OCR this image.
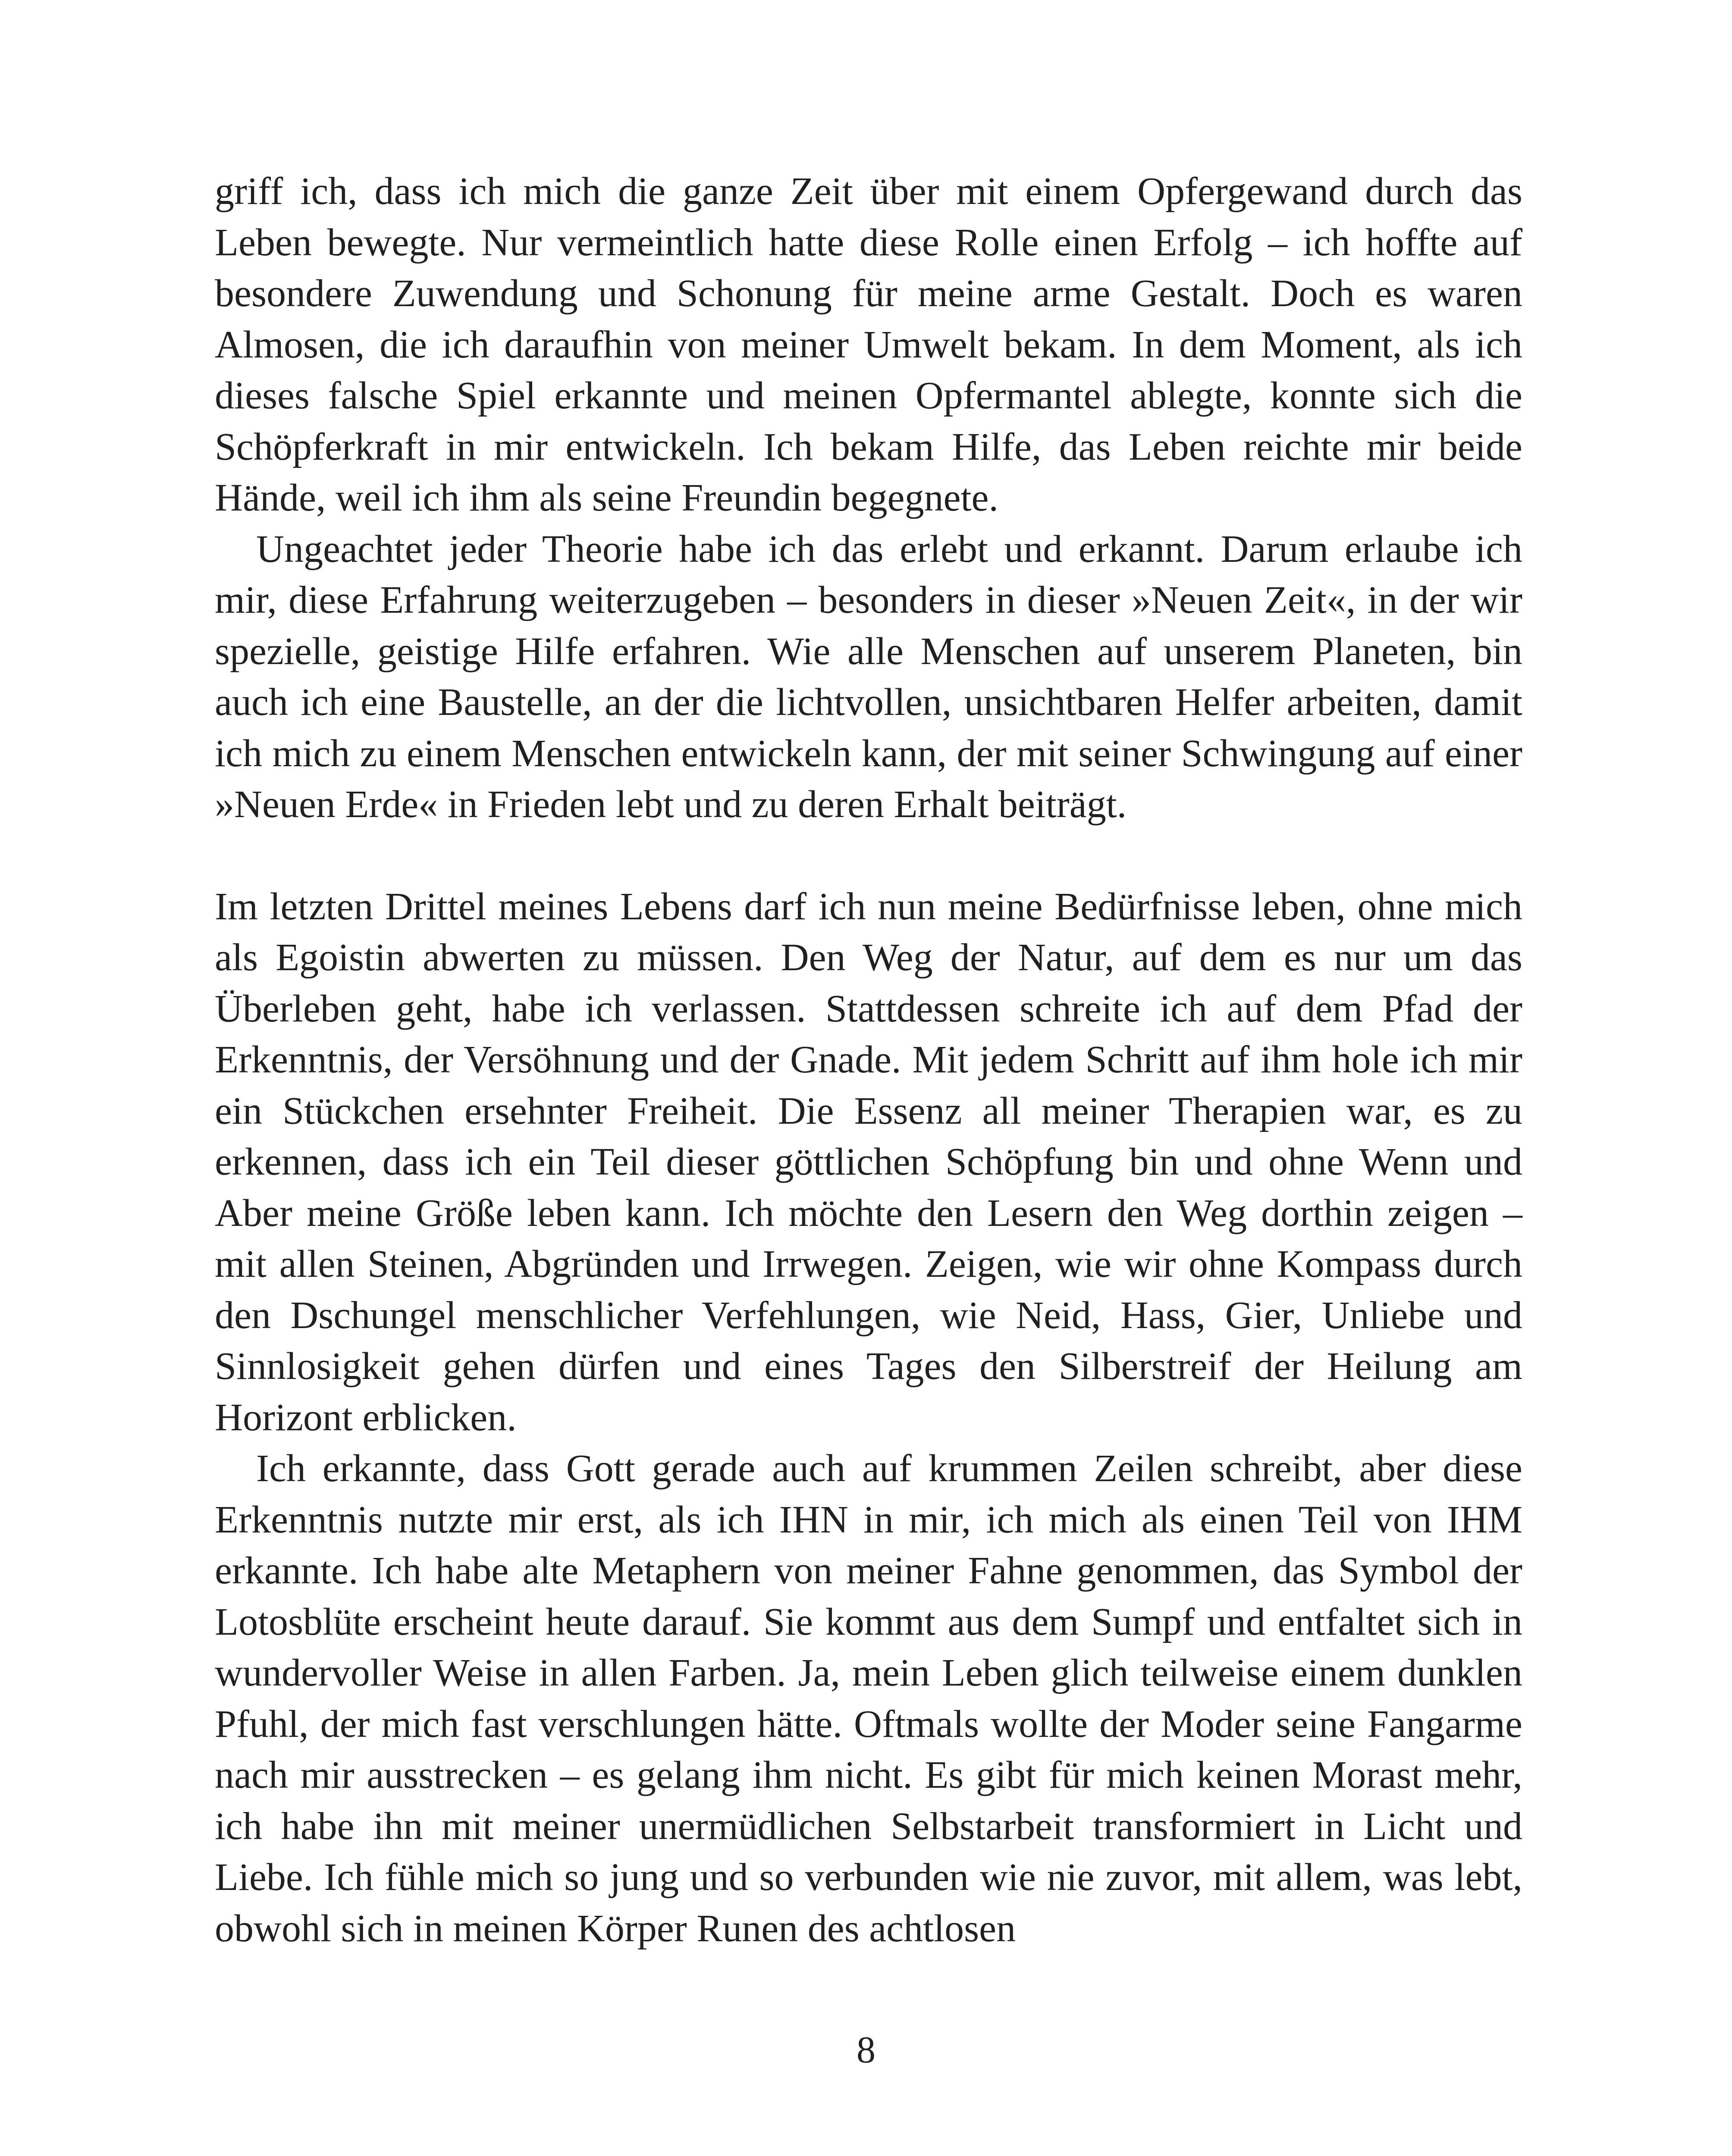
griff ich, dass ich mich die ganze Zeit über mit einem Opfergewand durch das Leben bewegte. Nur vermeintlich hatte diese Rolle einen Erfolg – ich hoffte auf besondere Zuwendung und Schonung für meine arme Gestalt. Doch es waren Almosen, die ich daraufhin von meiner Umwelt bekam. In dem Moment, als ich dieses falsche Spiel erkannte und meinen Opfermantel ablegte, konnte sich die Schöpferkraft in mir entwickeln. Ich bekam Hilfe, das Leben reichte mir beide Hände, weil ich ihm als seine Freundin begegnete.

Ungeachtet jeder Theorie habe ich das erlebt und erkannt. Darum erlaube ich mir, diese Erfahrung weiterzugeben – besonders in dieser »Neuen Zeit«, in der wir spezielle, geistige Hilfe erfahren. Wie alle Menschen auf unserem Planeten, bin auch ich eine Baustelle, an der die lichtvollen, unsichtbaren Helfer arbeiten, damit ich mich zu einem Menschen entwickeln kann, der mit seiner Schwingung auf einer »Neuen Erde« in Frieden lebt und zu deren Erhalt beiträgt.

Im letzten Drittel meines Lebens darf ich nun meine Bedürfnisse leben, ohne mich als Egoistin abwerten zu müssen. Den Weg der Natur, auf dem es nur um das Überleben geht, habe ich verlassen. Stattdessen schreite ich auf dem Pfad der Erkenntnis, der Versöhnung und der Gnade. Mit jedem Schritt auf ihm hole ich mir ein Stückchen ersehnter Freiheit. Die Essenz all meiner Therapien war, es zu erkennen, dass ich ein Teil dieser göttlichen Schöpfung bin und ohne Wenn und Aber meine Größe leben kann. Ich möchte den Lesern den Weg dorthin zeigen – mit allen Steinen, Abgründen und Irrwegen. Zeigen, wie wir ohne Kompass durch den Dschungel menschlicher Verfehlungen, wie Neid, Hass, Gier, Unliebe und Sinnlosigkeit gehen dürfen und eines Tages den Silberstreif der Heilung am Horizont erblicken.

Ich erkannte, dass Gott gerade auch auf krummen Zeilen schreibt, aber diese Erkenntnis nutzte mir erst, als ich IHN in mir, ich mich als einen Teil von IHM erkannte. Ich habe alte Metaphern von meiner Fahne genommen, das Symbol der Lotosblüte erscheint heute darauf. Sie kommt aus dem Sumpf und entfaltet sich in wundervoller Weise in allen Farben. Ja, mein Leben glich teilweise einem dunklen Pfuhl, der mich fast verschlungen hätte. Oftmals wollte der Moder seine Fangarme nach mir ausstrecken – es gelang ihm nicht. Es gibt für mich keinen Morast mehr, ich habe ihn mit meiner unermüdlichen Selbstarbeit transformiert in Licht und Liebe. Ich fühle mich so jung und so verbunden wie nie zuvor, mit allem, was lebt, obwohl sich in meinen Körper Runen des achtlosen

8
